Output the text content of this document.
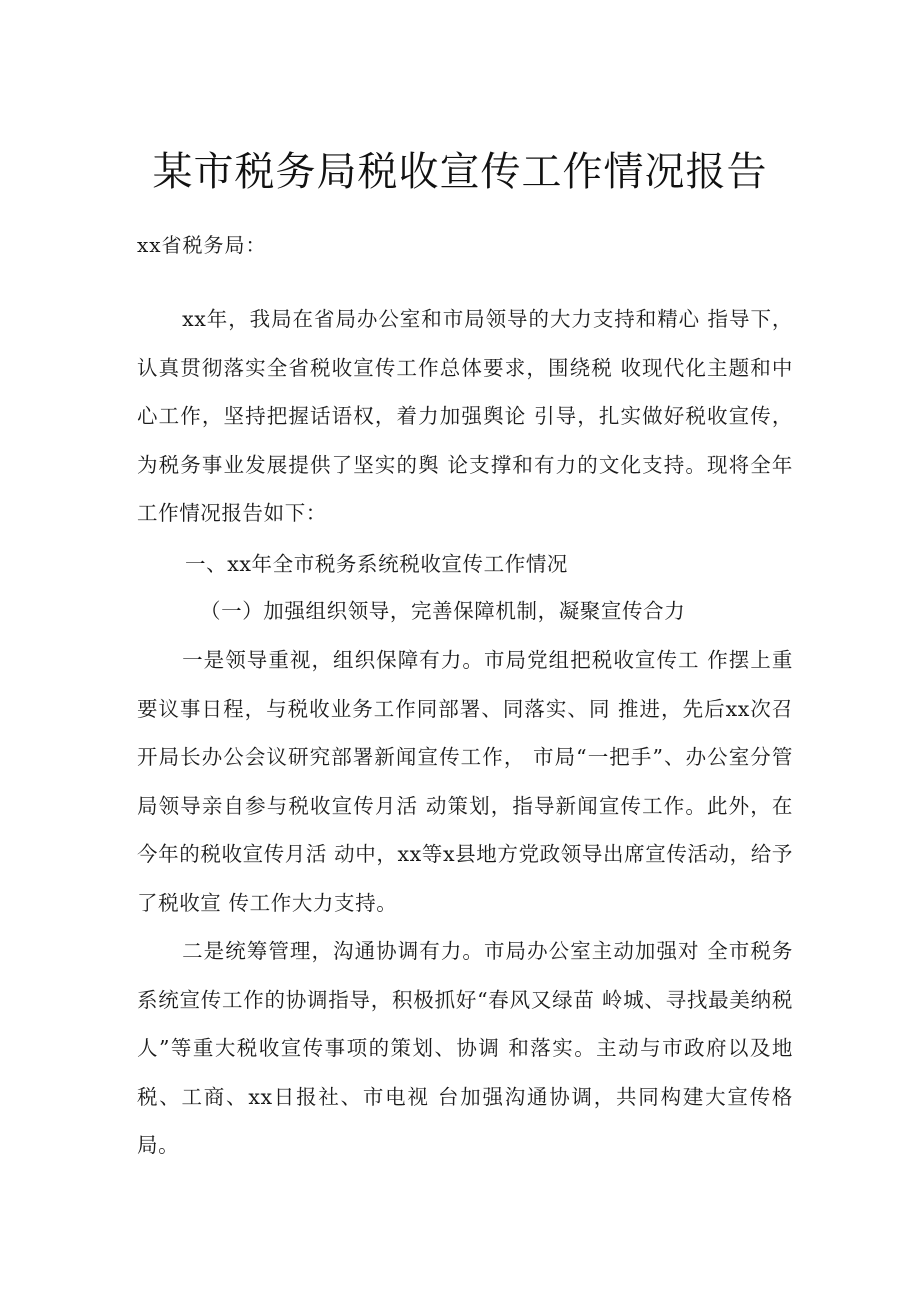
某市税务局税收宣传工作情况报告
xx省税务局：

xx年，我局在省局办公室和市局领导的大力支持和精心 指导下，认真贯彻落实全省税收宣传工作总体要求，围绕税 收现代化主题和中心工作，坚持把握话语权，着力加强舆论 引导，扎实做好税收宣传，为税务事业发展提供了坚实的舆 论支撑和有力的文化支持。现将全年工作情况报告如下：

一、xx年全市税务系统税收宣传工作情况
（一）加强组织领导，完善保障机制，凝聚宣传合力

一是领导重视，组织保障有力。市局党组把税收宣传工 作摆上重要议事日程，与税收业务工作同部署、同落实、同 推进，先后xx次召开局长办公会议研究部署新闻宣传工作， 市局“一把手”、办公室分管局领导亲自参与税收宣传月活 动策划，指导新闻宣传工作。此外，在今年的税收宣传月活 动中，xx等x县地方党政领导出席宣传活动，给予了税收宣 传工作大力支持。

二是统筹管理，沟通协调有力。市局办公室主动加强对 全市税务系统宣传工作的协调指导，积极抓好“春风又绿苗 岭城、寻找最美纳税人”等重大税收宣传事项的策划、协调 和落实。主动与市政府以及地税、工商、xx日报社、市电视 台加强沟通协调，共同构建大宣传格局。
